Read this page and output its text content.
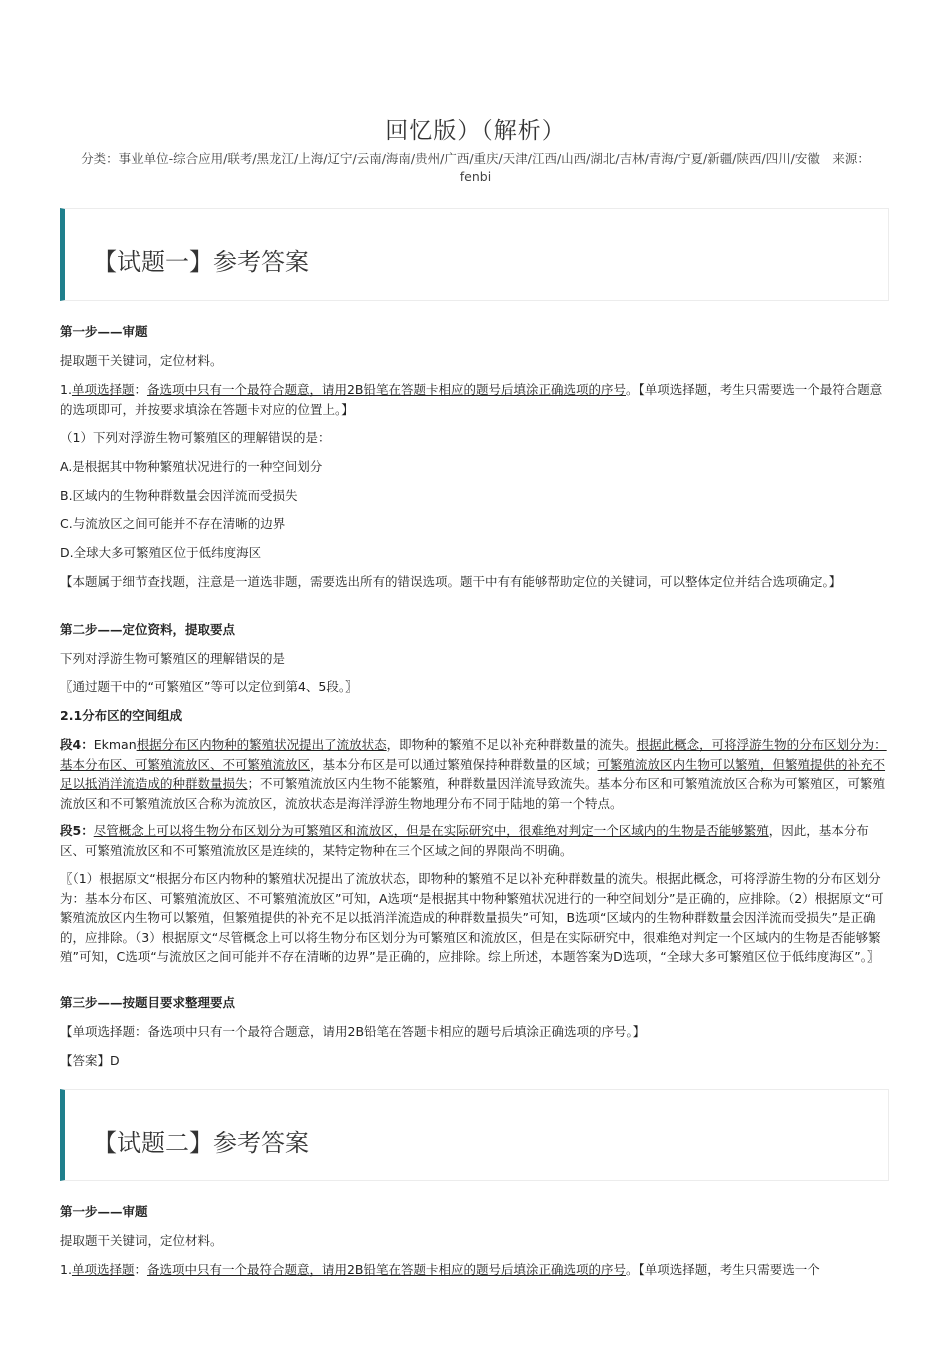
回忆版）（解析）
分类：事业单位-综合应用/联考/黑龙江/上海/辽宁/云南/海南/贵州/广西/重庆/天津/江西/山西/湖北/吉林/青海/宁夏/新疆/陕西/四川/安徽　来源：
fenbi
【试题一】参考答案
第一步——审题
提取题干关键词，定位材料。
1.单项选择题：备选项中只有一个最符合题意，请用2B铅笔在答题卡相应的题号后填涂正确选项的序号。【单项选择题，考生只需要选一个最符合题意的选项即可，并按要求填涂在答题卡对应的位置上。】
（1）下列对浮游生物可繁殖区的理解错误的是：
A.是根据其中物种繁殖状况进行的一种空间划分
B.区域内的生物种群数量会因洋流而受损失
C.与流放区之间可能并不存在清晰的边界
D.全球大多可繁殖区位于低纬度海区
【本题属于细节查找题，注意是一道选非题，需要选出所有的错误选项。题干中有有能够帮助定位的关键词，可以整体定位并结合选项确定。】
第二步——定位资料，提取要点
下列对浮游生物可繁殖区的理解错误的是
〖通过题干中的“可繁殖区”等可以定位到第4、5段。〗
2.1分布区的空间组成
段4：Ekman根据分布区内物种的繁殖状况提出了流放状态，即物种的繁殖不足以补充种群数量的流失。根据此概念，可将浮游生物的分布区划分为：基本分布区、可繁殖流放区、不可繁殖流放区，基本分布区是可以通过繁殖保持种群数量的区域；可繁殖流放区内生物可以繁殖，但繁殖提供的补充不足以抵消洋流造成的种群数量损失；不可繁殖流放区内生物不能繁殖，种群数量因洋流导致流失。基本分布区和可繁殖流放区合称为可繁殖区，可繁殖流放区和不可繁殖流放区合称为流放区，流放状态是海洋浮游生物地理分布不同于陆地的第一个特点。
段5：尽管概念上可以将生物分布区划分为可繁殖区和流放区，但是在实际研究中，很难绝对判定一个区域内的生物是否能够繁殖，因此，基本分布区、可繁殖流放区和不可繁殖流放区是连续的，某特定物种在三个区域之间的界限尚不明确。
〖（1）根据原文“根据分布区内物种的繁殖状况提出了流放状态，即物种的繁殖不足以补充种群数量的流失。根据此概念，可将浮游生物的分布区划分为：基本分布区、可繁殖流放区、不可繁殖流放区”可知，A选项“是根据其中物种繁殖状况进行的一种空间划分”是正确的，应排除。（2）根据原文“可繁殖流放区内生物可以繁殖，但繁殖提供的补充不足以抵消洋流造成的种群数量损失”可知，B选项“区域内的生物种群数量会因洋流而受损失”是正确的，应排除。（3）根据原文“尽管概念上可以将生物分布区划分为可繁殖区和流放区，但是在实际研究中，很难绝对判定一个区域内的生物是否能够繁殖”可知，C选项“与流放区之间可能并不存在清晰的边界”是正确的，应排除。综上所述，本题答案为D选项，“全球大多可繁殖区位于低纬度海区”。〗
第三步——按题目要求整理要点
【单项选择题：备选项中只有一个最符合题意，请用2B铅笔在答题卡相应的题号后填涂正确选项的序号。】
【答案】D
【试题二】参考答案
第一步——审题
提取题干关键词，定位材料。
1.单项选择题：备选项中只有一个最符合题意，请用2B铅笔在答题卡相应的题号后填涂正确选项的序号。【单项选择题，考生只需要选一个
